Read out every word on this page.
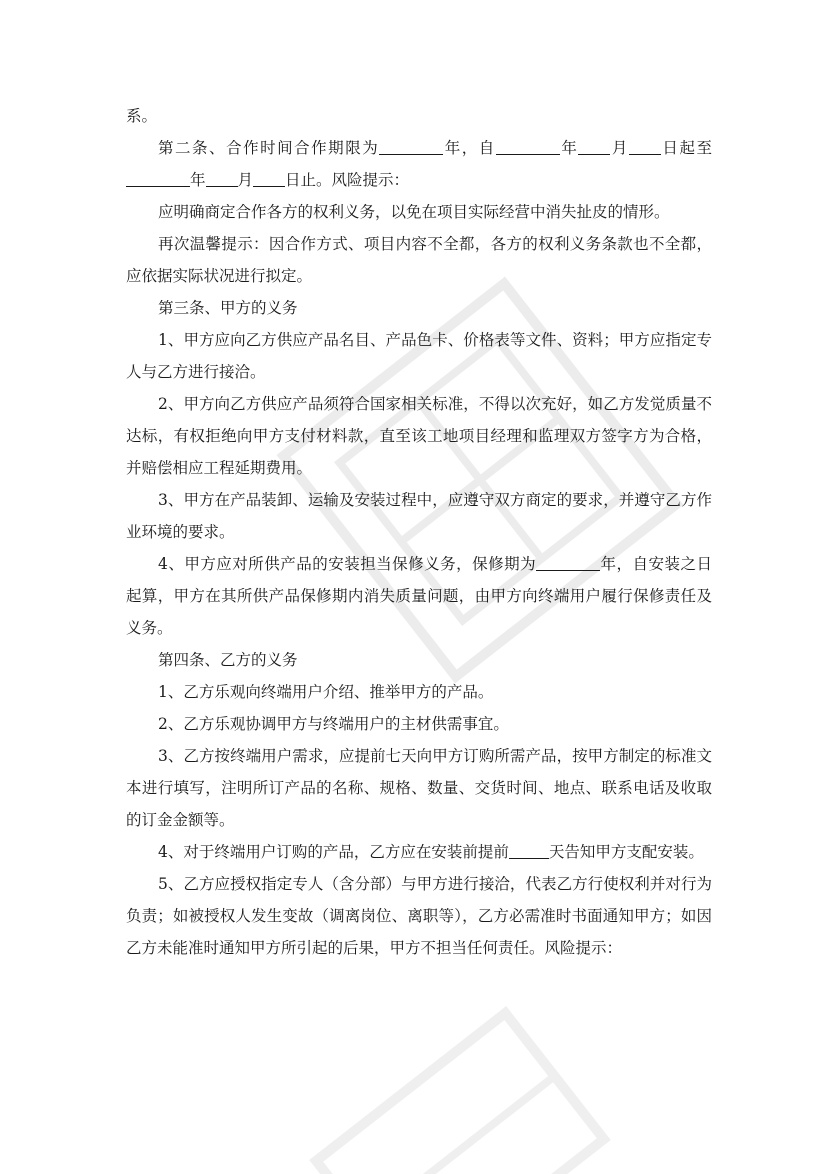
系。

第二条、合作时间合作期限为	年，自	年 月 日起至年 月 日止。风险提示：

应明确商定合作各方的权利义务，以免在项目实际经营中消失扯皮的情形。

再次温馨提示：因合作方式、项目内容不全都，各方的权利义务条款也不全都，应依据实际状况进行拟定。

第三条、甲方的义务

1、甲方应向乙方供应产品名目、产品色卡、价格表等文件、资料；甲方应指定专人与乙方进行接洽。

2、甲方向乙方供应产品须符合国家相关标准，不得以次充好，如乙方发觉质量不达标，有权拒绝向甲方支付材料款，直至该工地项目经理和监理双方签字方为合格，并赔偿相应工程延期费用。

3、甲方在产品装卸、运输及安装过程中，应遵守双方商定的要求，并遵守乙方作业环境的要求。

4、甲方应对所供产品的安装担当保修义务，保修期为	年，自安装之日起算，甲方在其所供产品保修期内消失质量问题，由甲方向终端用户履行保修责任及义务。

第四条、乙方的义务

1、乙方乐观向终端用户介绍、推举甲方的产品。

2、乙方乐观协调甲方与终端用户的主材供需事宜。

3、乙方按终端用户需求，应提前七天向甲方订购所需产品，按甲方制定的标准文本进行填写，注明所订产品的名称、规格、数量、交货时间、地点、联系电话及收取的订金金额等。

4、对于终端用户订购的产品，乙方应在安装前提前	天告知甲方支配安装。

5、乙方应授权指定专人（含分部）与甲方进行接洽，代表乙方行使权利并对行为负责；如被授权人发生变故（调离岗位、离职等），乙方必需准时书面通知甲方；如因乙方未能准时通知甲方所引起的后果，甲方不担当任何责任。风险提示：
